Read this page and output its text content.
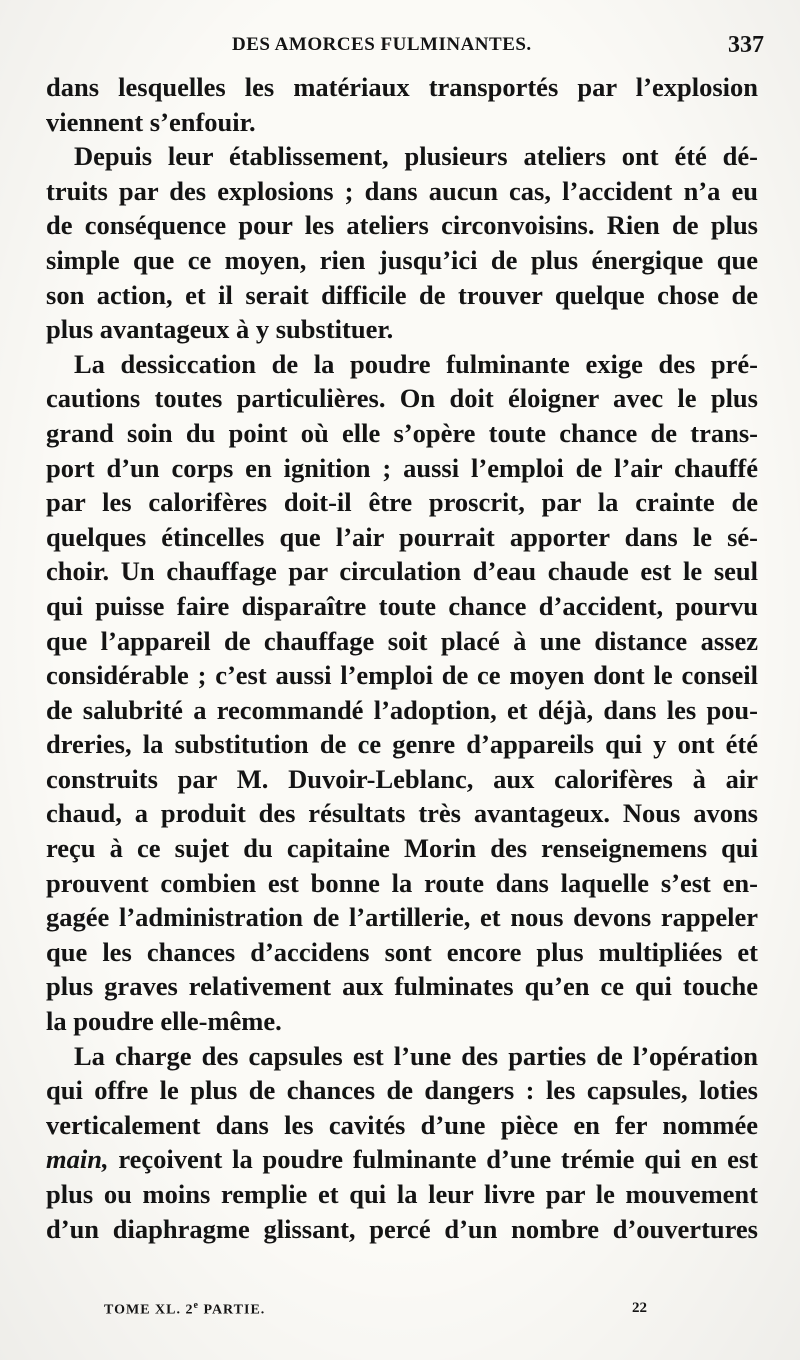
DES AMORCES FULMINANTES.	337
dans lesquelles les matériaux transportés par l’explosion
viennent s’enfouir.
Depuis leur établissement, plusieurs ateliers ont été dé-
truits par des explosions ; dans aucun cas, l’accident n’a eu
de conséquence pour les ateliers circonvoisins. Rien de plus
simple que ce moyen, rien jusqu’ici de plus énergique que
son action, et il serait difficile de trouver quelque chose de
plus avantageux à y substituer.
La dessiccation de la poudre fulminante exige des pré-
cautions toutes particulières. On doit éloigner avec le plus
grand soin du point où elle s’opère toute chance de trans-
port d’un corps en ignition ; aussi l’emploi de l’air chauffé
par les calorifères doit-il être proscrit, par la crainte de
quelques étincelles que l’air pourrait apporter dans le sé-
choir. Un chauffage par circulation d’eau chaude est le seul
qui puisse faire disparaître toute chance d’accident, pourvu
que l’appareil de chauffage soit placé à une distance assez
considérable ; c’est aussi l’emploi de ce moyen dont le conseil
de salubrité a recommandé l’adoption, et déjà, dans les pou-
dreries, la substitution de ce genre d’appareils qui y ont été
construits par M. Duvoir-Leblanc, aux calorifères à air
chaud, a produit des résultats très avantageux. Nous avons
reçu à ce sujet du capitaine Morin des renseignemens qui
prouvent combien est bonne la route dans laquelle s’est en-
gagée l’administration de l’artillerie, et nous devons rappeler
que les chances d’accidens sont encore plus multipliées et
plus graves relativement aux fulminates qu’en ce qui touche
la poudre elle-même.
La charge des capsules est l’une des parties de l’opération
qui offre le plus de chances de dangers : les capsules, loties
verticalement dans les cavités d’une pièce en fer nommée
main, reçoivent la poudre fulminante d’une trémie qui en est
plus ou moins remplie et qui la leur livre par le mouvement
d’un diaphragme glissant, percé d’un nombre d’ouvertures
TOME XL. 2e PARTIE.	22
